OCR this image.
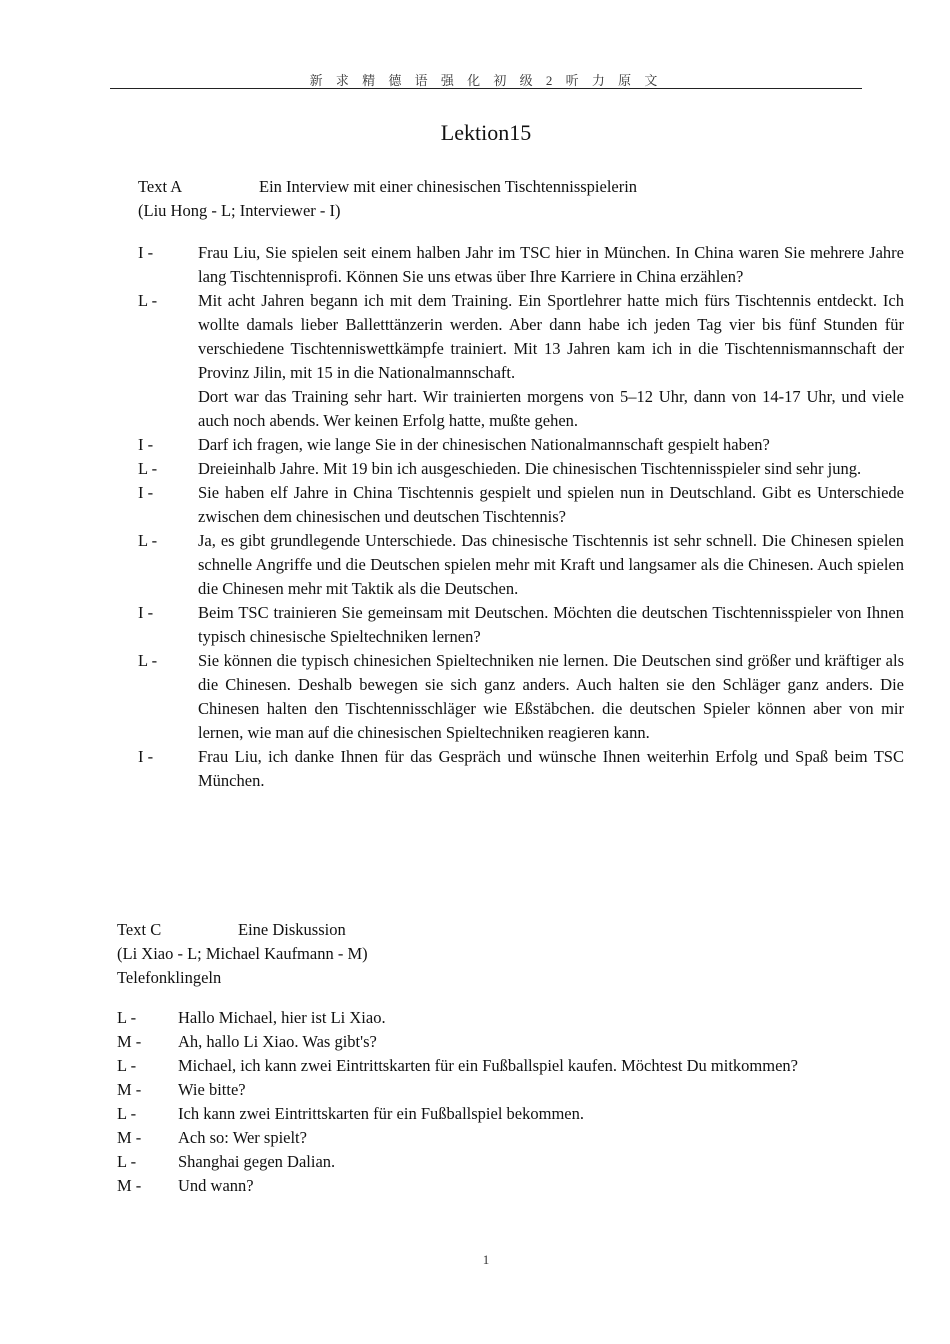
新 求 精 德 语 强 化 初 级 2 听 力 原 文
Lektion15
Text A	Ein Interview mit einer chinesischen Tischtennisspielerin
(Liu Hong - L; Interviewer - I)
I -	Frau Liu, Sie spielen seit einem halben Jahr im TSC hier in München. In China waren Sie mehrere Jahre lang Tischtennisprofi. Können Sie uns etwas über Ihre Karriere in China erzählen?

L -	Mit acht Jahren begann ich mit dem Training. Ein Sportlehrer hatte mich fürs Tischtennis entdeckt. Ich wollte damals lieber Balletttänzerin werden. Aber dann habe ich jeden Tag vier bis fünf Stunden für verschiedene Tischtenniswettkämpfe trainiert. Mit 13 Jahren kam ich in die Tischtennismannschaft der Provinz Jilin, mit 15 in die Nationalmannschaft.

Dort war das Training sehr hart. Wir trainierten morgens von 5–12 Uhr, dann von 14-17 Uhr, und viele auch noch abends. Wer keinen Erfolg hatte, mußte gehen.

I -	Darf ich fragen, wie lange Sie in der chinesischen Nationalmannschaft gespielt haben?

L -	Dreieinhalb Jahre. Mit 19 bin ich ausgeschieden. Die chinesischen Tischtennisspieler sind sehr jung.

I -	Sie haben elf Jahre in China Tischtennis gespielt und spielen nun in Deutschland. Gibt es Unterschiede zwischen dem chinesischen und deutschen Tischtennis?

L -	Ja, es gibt grundlegende Unterschiede. Das chinesische Tischtennis ist sehr schnell. Die Chinesen spielen schnelle Angriffe und die Deutschen spielen mehr mit Kraft und langsamer als die Chinesen. Auch spielen die Chinesen mehr mit Taktik als die Deutschen.

I -	Beim TSC trainieren Sie gemeinsam mit Deutschen. Möchten die deutschen Tischtennisspieler von Ihnen typisch chinesische Spieltechniken lernen?

L -	Sie können die typisch chinesichen Spieltechniken nie lernen. Die Deutschen sind größer und kräftiger als die Chinesen. Deshalb bewegen sie sich ganz anders. Auch halten sie den Schläger ganz anders. Die Chinesen halten den Tischtennisschläger wie Eßstäbchen. die deutschen Spieler können aber von mir lernen, wie man auf die chinesischen Spieltechniken reagieren kann.

I -	Frau Liu, ich danke Ihnen für das Gespräch und wünsche Ihnen weiterhin Erfolg und Spaß beim TSC München.

Text C	Eine Diskussion
(Li Xiao - L; Michael Kaufmann - M)
Telefonklingeln
L -	Hallo Michael, hier ist Li Xiao.

M -	Ah, hallo Li Xiao. Was gibt's?

L -	Michael, ich kann zwei Eintrittskarten für ein Fußballspiel kaufen. Möchtest Du mitkommen?

M -	Wie bitte?

L -	Ich kann zwei Eintrittskarten für ein Fußballspiel bekommen.

M -	Ach so: Wer spielt?

L -	Shanghai gegen Dalian.

M -	Und wann?

1
